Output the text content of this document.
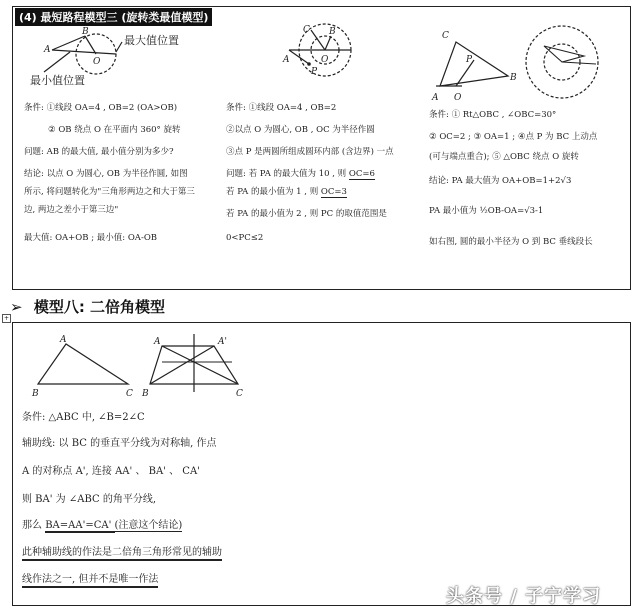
(4) 最短路程模型三 (旋转类最值模型)
A
B
O
最大值位置
最小值位置
C B
A	O
P
C
A O
B
P
条件: ①线段 OA=4 , OB=2 (OA>OB)
② OB 绕点 O 在平面内 360° 旋转
问题: AB 的最大值, 最小值分别为多少?
结论: 以点 O 为圆心, OB 为半径作圆, 如图
所示, 将问题转化为"三角形两边之和大于第三
边, 两边之差小于第三边"
最大值: OA+OB ; 最小值: OA-OB
条件: ①线段 OA=4 , OB=2
②以点 O 为圆心, OB , OC 为半径作圆
③点 P 是两圆所组成圆环内部 (含边界) 一点
问题: 若 PA 的最大值为 10 , 则 OC=6
若 PA 的最小值为 1 , 则 OC=3
若 PA 的最小值为 2 , 则 PC 的取值范围是
0<PC≤2
条件: ① Rt△OBC , ∠OBC=30°
② OC=2 ; ③ OA=1 ; ④点 P 为 BC 上动点
(可与端点重合); ⑤ △OBC 绕点 O 旋转
结论: PA 最大值为 OA+OB=1+2√3
PA 最小值为 ½OB-OA=√3-1
如右图, 圆的最小半径为 O 到 BC 垂线段长
➢ 模型八: 二倍角模型
+
A
B	C
A	A'
B	C
条件: △ABC 中, ∠B=2∠C
辅助线: 以 BC 的垂直平分线为对称轴, 作点
A 的对称点 A', 连接 AA' 、 BA' 、 CA'
则 BA' 为 ∠ABC 的角平分线,
那么 BA=AA'=CA' (注意这个结论)
此种辅助线的作法是二倍角三角形常见的辅助
线作法之一, 但并不是唯一作法
头条号 / 子宁学习
